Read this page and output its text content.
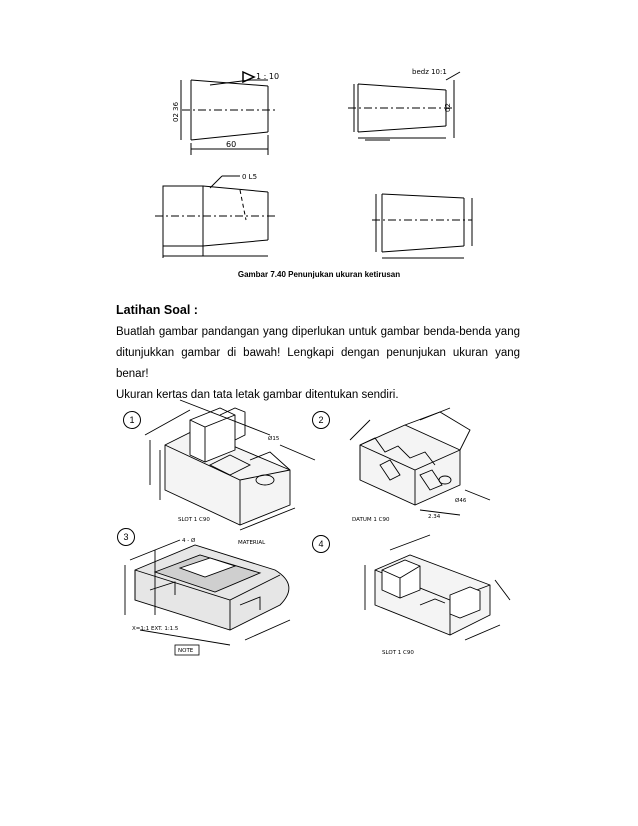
1 : 10
02 36
60
bedz 10:1
02
0 L5
Gambar 7.40 Penunjukan ukuran ketirusan
Latihan Soal :
Buatlah gambar pandangan yang diperlukan untuk gambar benda-benda yang
ditunjukkan gambar di bawah! Lengkapi dengan penunjukan ukuran yang benar!
Ukuran kertas dan tata letak gambar ditentukan sendiri.
1	2
3
4
SLOT 1 C90
Ø15
DATUM 1 C90
Ø46
2.34
4 - Ø	MATERIAL
X=1:1 EXT. 1:1.5
NOTE	SLOT 1 C90
